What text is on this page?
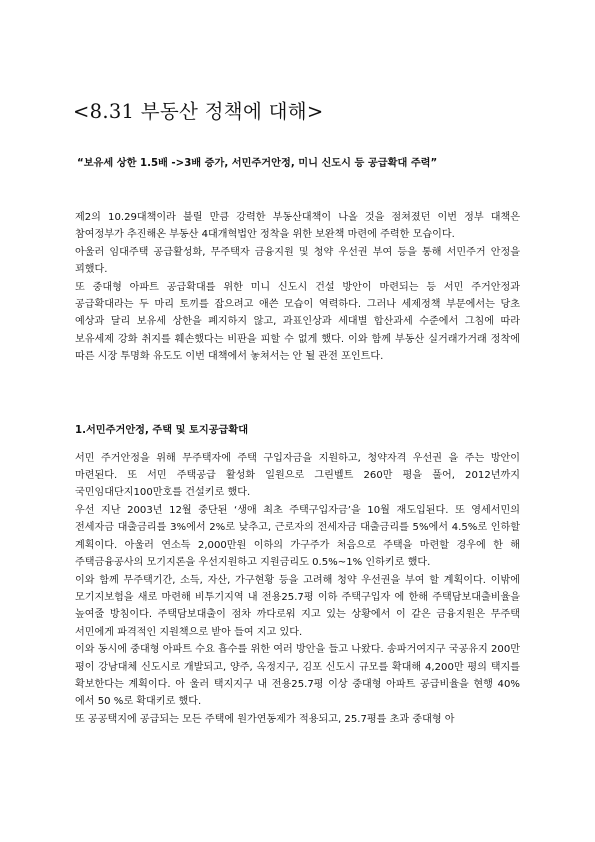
<8.31 부동산 정책에 대해>
“보유세 상한 1.5배 ->3배 증가, 서민주거안정, 미니 신도시 등 공급확대 주력”

제2의 10.29대책이라 불릴 만큼 강력한 부동산대책이 나올 것을 점쳐졌던 이번 정부 대책은 참여정부가 추진해온 부동산 4대개혁법안 정착을 위한 보완책 마련에 주력한 모습이다.

아울러 임대주택 공급활성화, 무주택자 금융지원 및 청약 우선권 부여 등을 통해 서민주거 안정을 꾀했다.

또 중대형 아파트 공급확대를 위한 미니 신도시 건설 방안이 마련되는 등 서민 주거안정과 공급확대라는 두 마리 토끼를 잡으려고 애쓴 모습이 역력하다. 그러나 세제정책 부문에서는 당초 예상과 달리 보유세 상한을 폐지하지 않고, 과표인상과 세대별 합산과세 수준에서 그침에 따라 보유세제 강화 취지를 훼손했다는 비판을 피할 수 없게 했다. 이와 함께 부동산 실거래가거래 정착에 따른 시장 투명화 유도도 이번 대책에서 놓쳐서는 안 될 관전 포인트다.

1.서민주거안정, 주택 및 토지공급확대

서민 주거안정을 위해 무주택자에 주택 구입자금을 지원하고, 청약자격 우선권 을 주는 방안이 마련된다. 또 서민 주택공급 활성화 일원으로 그린벨트 260만 평을 풀어, 2012년까지 국민임대단지100만호를 건설키로 했다.

우선 지난 2003년 12월 중단된 ‘생애 최초 주택구입자금’을 10월 재도입된다. 또 영세서민의 전세자금 대출금리를 3%에서 2%로 낮추고, 근로자의 전세자금 대출금리를 5%에서 4.5%로 인하할 계획이다. 아울러 연소득 2,000만원 이하의 가구주가 처음으로 주택을 마련할 경우에 한 해 주택금융공사의 모기지론을 우선지원하고 지원금리도 0.5%~1% 인하키로 했다.

이와 함께 무주택기간, 소득, 자산, 가구현황 등을 고려해 청약 우선권을 부여 할 계획이다. 이밖에 모기지보험을 새로 마련해 비투기지역 내 전용25.7평 이하 주택구입자 에 한해 주택담보대출비율을 높여줄 방침이다. 주택담보대출이 점차 까다로워 지고 있는 상황에서 이 같은 금융지원은 무주택 서민에게 파격적인 지원책으로 받아 들여 지고 있다.

이와 동시에 중대형 아파트 수요 흡수를 위한 여러 방안을 들고 나왔다. 송파거여지구 국공유지 200만 평이 강남대체 신도시로 개발되고, 양주, 옥정지구, 김포 신도시 규모를 확대해 4,200만 평의 택지를 확보한다는 계획이다. 아 울러 택지지구 내 전용25.7평 이상 중대형 아파트 공급비율을 현행 40%에서 50 %로 확대키로 했다.

또 공공택지에 공급되는 모든 주택에 원가연동제가 적용되고, 25.7평를 초과 중대형 아
